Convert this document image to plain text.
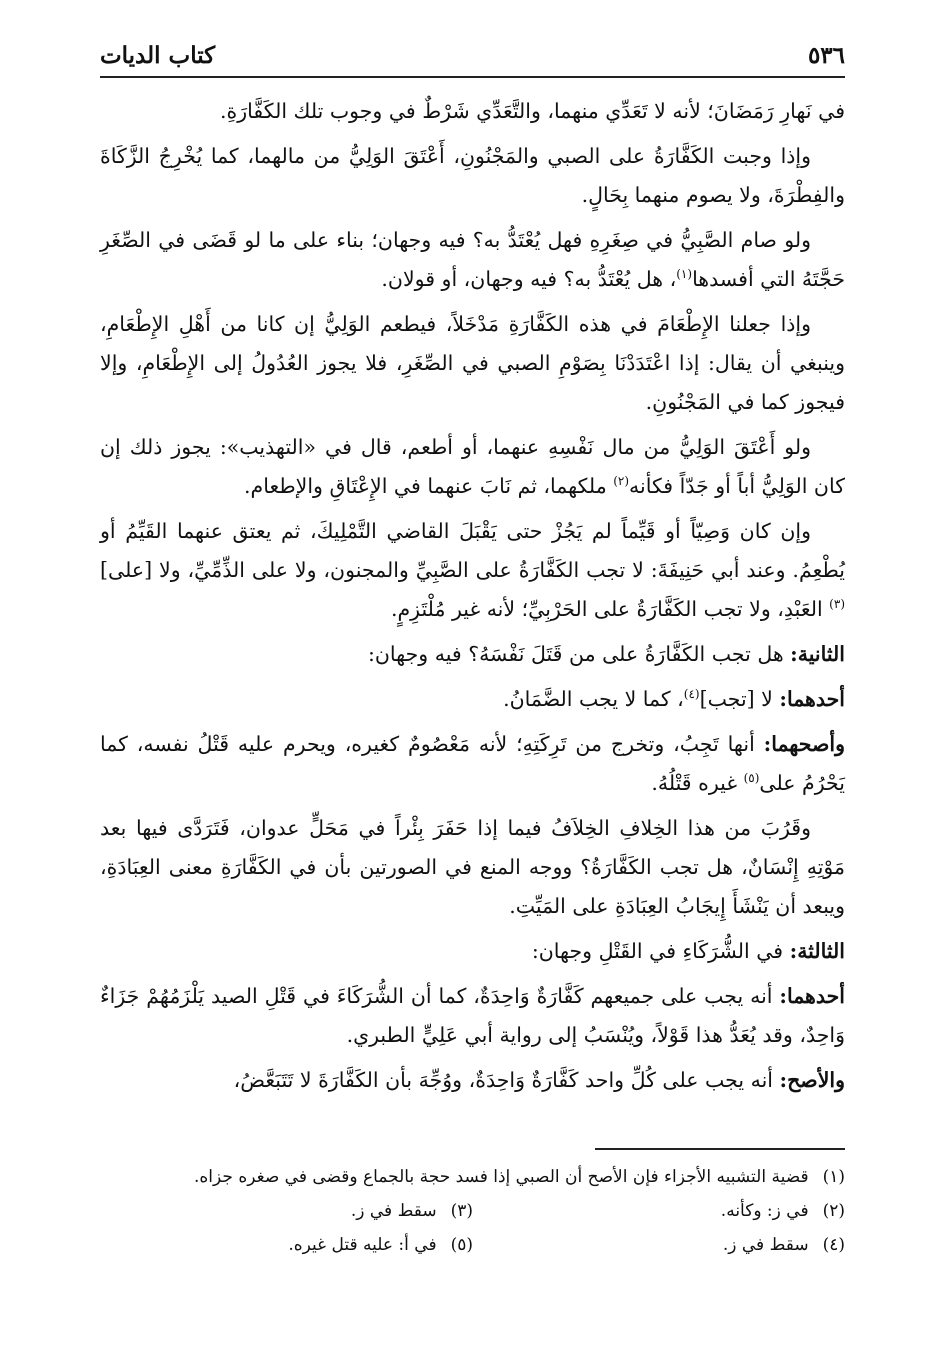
٥٣٦
كتاب الديات

في نَهارِ رَمَضَانَ؛ لأنه لا تَعَدِّي منهما، والتَّعَدِّي شَرْطٌ في وجوب تلك الكَفَّارَةِ.

وإذا وجبت الكَفَّارَةُ على الصبي والمَجْنُونِ، أَعْتَقَ الوَلِيُّ من مالهما، كما يُخْرِجُ الزَّكَاةَ والفِطْرَةَ، ولا يصوم منهما بِحَالٍ.

ولو صام الصَّبِيُّ في صِغَرِهِ فهل يُعْتَدُّ به؟ فيه وجهان؛ بناء على ما لو قَضَى في الصِّغَرِ حَجَّتَهُ التي أفسدها$^{(١)}$، هل يُعْتَدُّ به؟ فيه وجهان، أو قولان.

وإذا جعلنا الإِطْعَامَ في هذه الكَفَّارَةِ مَدْخَلاً، فيطعم الوَلِيُّ إن كانا من أَهْلِ الإِطْعَامِ، وينبغي أن يقال: إذا اعْتَدَدْنَا بِصَوْمِ الصبي في الصِّغَرِ، فلا يجوز العُدُولُ إلى الإِطْعَامِ، وإلا فيجوز كما في المَجْنُونِ.

ولو أَعْتَقَ الوَلِيُّ من مال نَفْسِهِ عنهما، أو أطعم، قال في «التهذيب»: يجوز ذلك إن كان الوَلِيُّ أباً أو جَدّاً فكأنه$^{(٢)}$ ملكهما، ثم نَابَ عنهما في الإِعْتَاقِ والإطعام.

وإن كان وَصِيّاً أو قَيِّماً لم يَجُزْ حتى يَقْبَلَ القاضي التَّمْلِيكَ، ثم يعتق عنهما القَيِّمُ أو يُطْعِمُ. وعند أبي حَنِيفَةَ: لا تجب الكَفَّارَةُ على الصَّبِيِّ والمجنون، ولا على الذِّمِّيِّ، ولا [على]$^{(٣)}$ العَبْدِ، ولا تجب الكَفَّارَةُ على الحَرْبِيِّ؛ لأنه غير مُلْتَزِمٍ.

الثانية: هل تجب الكَفَّارَةُ على من قَتَلَ نَفْسَهُ؟ فيه وجهان:

أحدهما: لا [تجب]$^{(٤)}$، كما لا يجب الضَّمَانُ.

وأصحهما: أنها تَجِبُ، وتخرج من تَرِكَتِهِ؛ لأنه مَعْصُومٌ كغيره، ويحرم عليه قَتْلُ نفسه، كما يَحْرُمُ على$^{(٥)}$ غيره قَتْلُهُ.

وقَرُبَ من هذا الخِلافِ الخِلاَفُ فيما إذا حَفَرَ بِئْراً في مَحَلٍّ عدوان، فَتَرَدَّى فيها بعد مَوْتِهِ إِنْسَانٌ، هل تجب الكَفَّارَةُ؟ ووجه المنع في الصورتين بأن في الكَفَّارَةِ معنى العِبَادَةِ، ويبعد أن يَنْشَأَ إِيجَابُ العِبَادَةِ على المَيِّتِ.

الثالثة: في الشُّرَكَاءِ في القَتْلِ وجهان:

أحدهما: أنه يجب على جميعهم كَفَّارَةٌ وَاحِدَةٌ، كما أن الشُّرَكَاءَ في قَتْلِ الصيد يَلْزَمُهُمْ جَزَاءٌ وَاحِدٌ، وقد يُعَدُّ هذا قَوْلاً، ويُنْسَبُ إلى رواية أبي عَلِيٍّ الطبري.

والأصح: أنه يجب على كُلِّ واحد كَفَّارَةٌ وَاحِدَةٌ، ووُجِّهَ بأن الكَفَّارَةَ لا تَتَبَعَّضُ،

(١)قضية التشبيه الأجزاء فإن الأصح أن الصبي إذا فسد حجة بالجماع وقضى في صغره جزاه.
(٢)في ز: وكأنه.
(٣)سقط في ز.
(٤)سقط في ز.
(٥)في أ: عليه قتل غيره.
